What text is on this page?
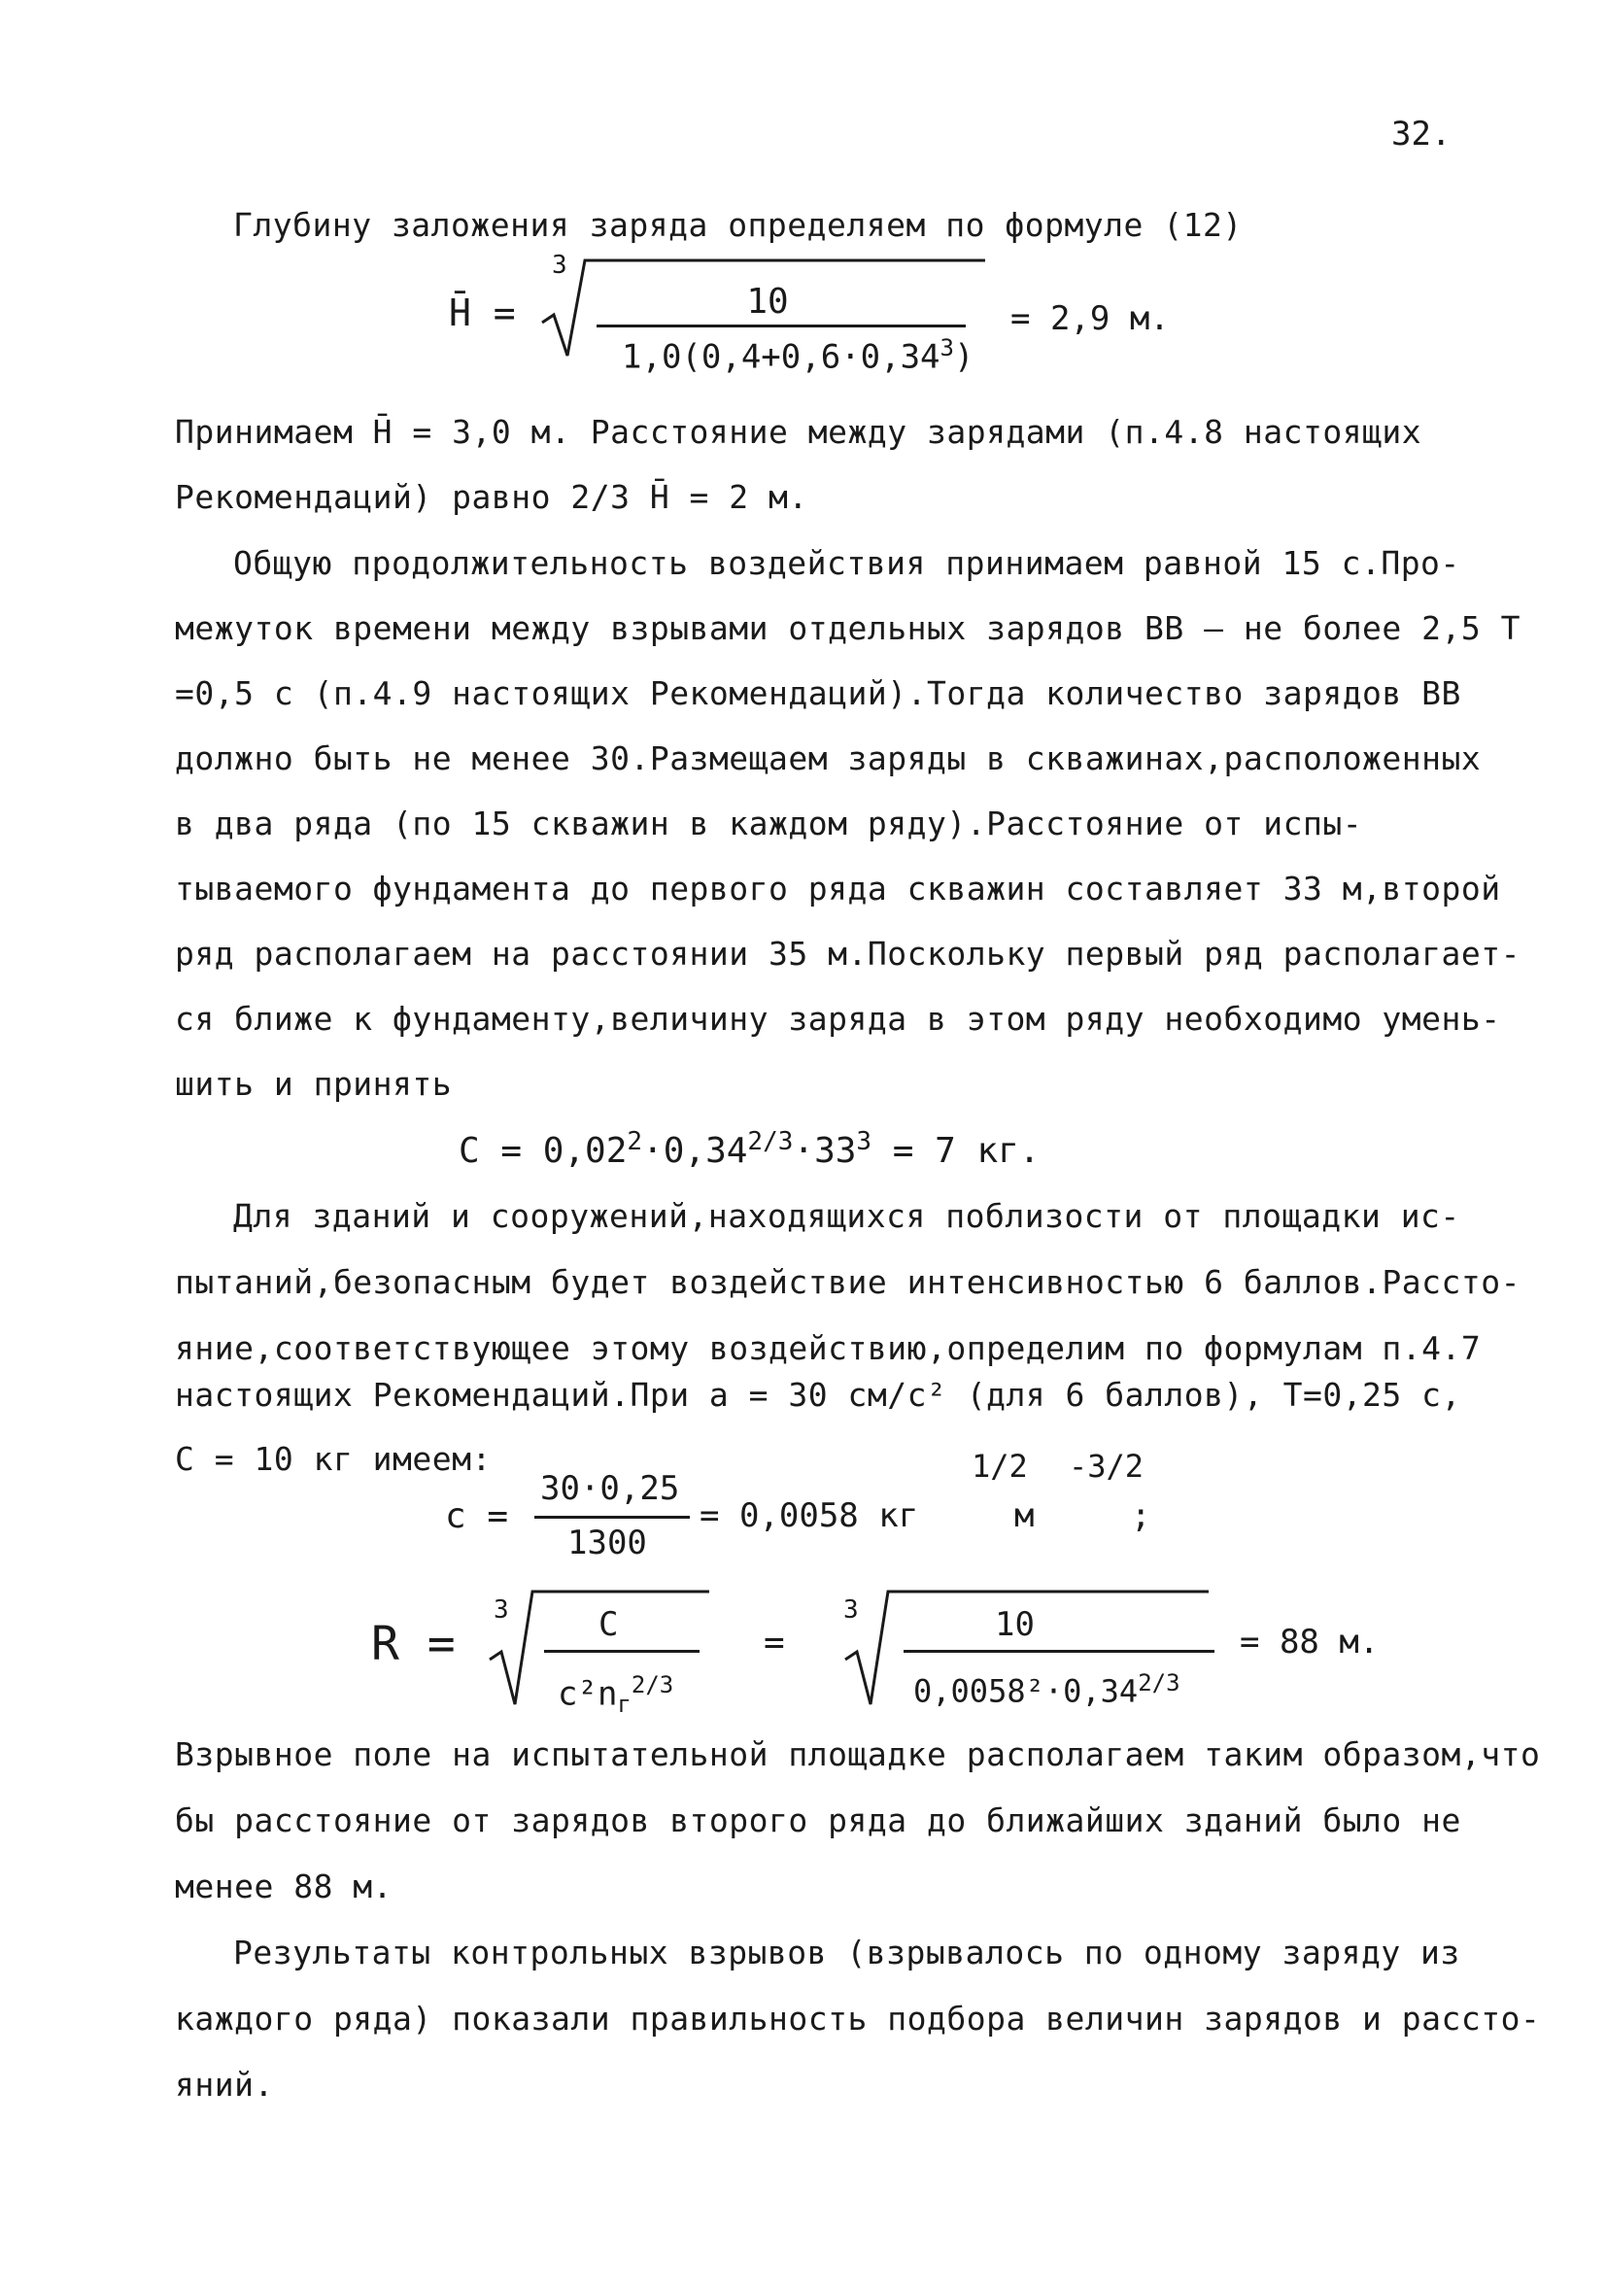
32.
Глубину заложения заряда определяем по формуле (12)
H̄ =
3
10
$1,0(0,4+0,6\cdot 0,34^3)$
= 2,9 м.
Принимаем H̄ = 3,0 м. Расстояние между зарядами (п.4.8 настоящих
Рекомендаций) равно 2/3 H̄ = 2 м.
Общую продолжительность воздействия принимаем равной 15 с.Про-
межуток времени между взрывами отдельных зарядов ВВ – не более 2,5 Т
=0,5 с (п.4.9 настоящих Рекомендаций).Тогда количество зарядов ВВ
должно быть не менее 30.Размещаем заряды в скважинах,расположенных
в два ряда (по 15 скважин в каждом ряду).Расстояние от испы-
тываемого фундамента до первого ряда скважин составляет 33 м,второй
ряд располагаем на расстоянии 35 м.Поскольку первый ряд располагает-
ся ближе к фундаменту,величину заряда в этом ряду необходимо умень-
шить и принять
$C = 0,02^2\cdot 0,34^{2/3}\cdot 33^3 = 7$ кг.
Для зданий и сооружений,находящихся поблизости от площадки ис-
пытаний,безопасным будет воздействие интенсивностью 6 баллов.Рассто-
яние,соответствующее этому воздействию,определим по формулам п.4.7
настоящих Рекомендаций.При a = 30 см/с² (для 6 баллов), T=0,25 с,
C = 10 кг имеем:
c =
30·0,25
1300
= 0,0058 кг
1/2 -3/2
м	;
R =
3	C
$c^2n_г^{2/3}$
=
3	10
$0,0058^2\cdot 0,34^{2/3}$
= 88 м.
Взрывное поле на испытательной площадке располагаем таким образом,что
бы расстояние от зарядов второго ряда до ближайших зданий было не
менее 88 м.
Результаты контрольных взрывов (взрывалось по одному заряду из
каждого ряда) показали правильность подбора величин зарядов и рассто-
яний.
